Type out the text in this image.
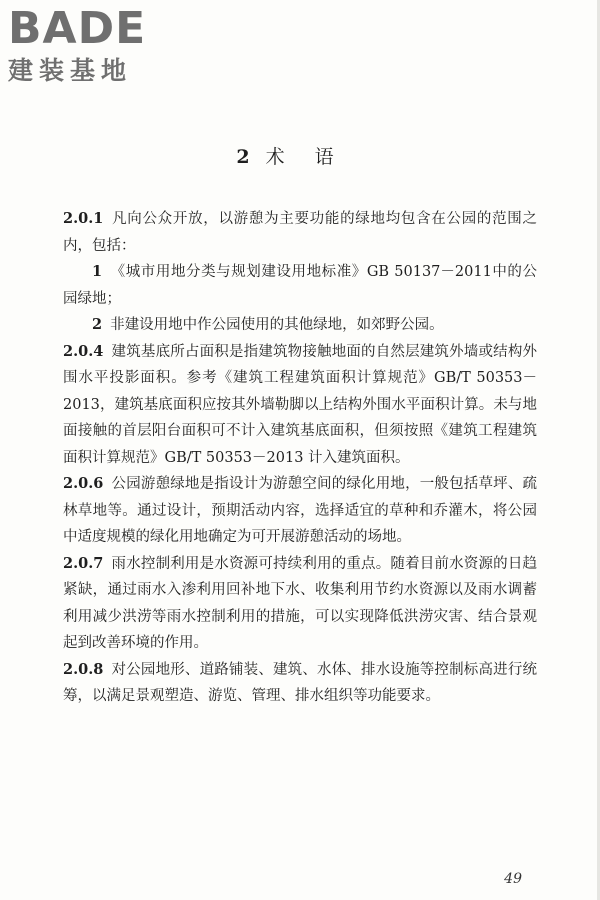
BADE
建装基地
2 术语

2.0.1 凡向公众开放，以游憩为主要功能的绿地均包含在公园的范围之内，包括：

1 《城市用地分类与规划建设用地标准》GB 50137－2011中的公园绿地；

2 非建设用地中作公园使用的其他绿地，如郊野公园。

2.0.4 建筑基底所占面积是指建筑物接触地面的自然层建筑外墙或结构外围水平投影面积。参考《建筑工程建筑面积计算规范》GB/T 50353－2013，建筑基底面积应按其外墙勒脚以上结构外围水平面积计算。未与地面接触的首层阳台面积可不计入建筑基底面积，但须按照《建筑工程建筑面积计算规范》GB/T 50353－2013 计入建筑面积。

2.0.6 公园游憩绿地是指设计为游憩空间的绿化用地，一般包括草坪、疏林草地等。通过设计，预期活动内容，选择适宜的草种和乔灌木，将公园中适度规模的绿化用地确定为可开展游憩活动的场地。

2.0.7 雨水控制利用是水资源可持续利用的重点。随着目前水资源的日趋紧缺，通过雨水入渗利用回补地下水、收集利用节约水资源以及雨水调蓄利用减少洪涝等雨水控制利用的措施，可以实现降低洪涝灾害、结合景观起到改善环境的作用。

2.0.8 对公园地形、道路铺装、建筑、水体、排水设施等控制标高进行统筹，以满足景观塑造、游览、管理、排水组织等功能要求。

49
